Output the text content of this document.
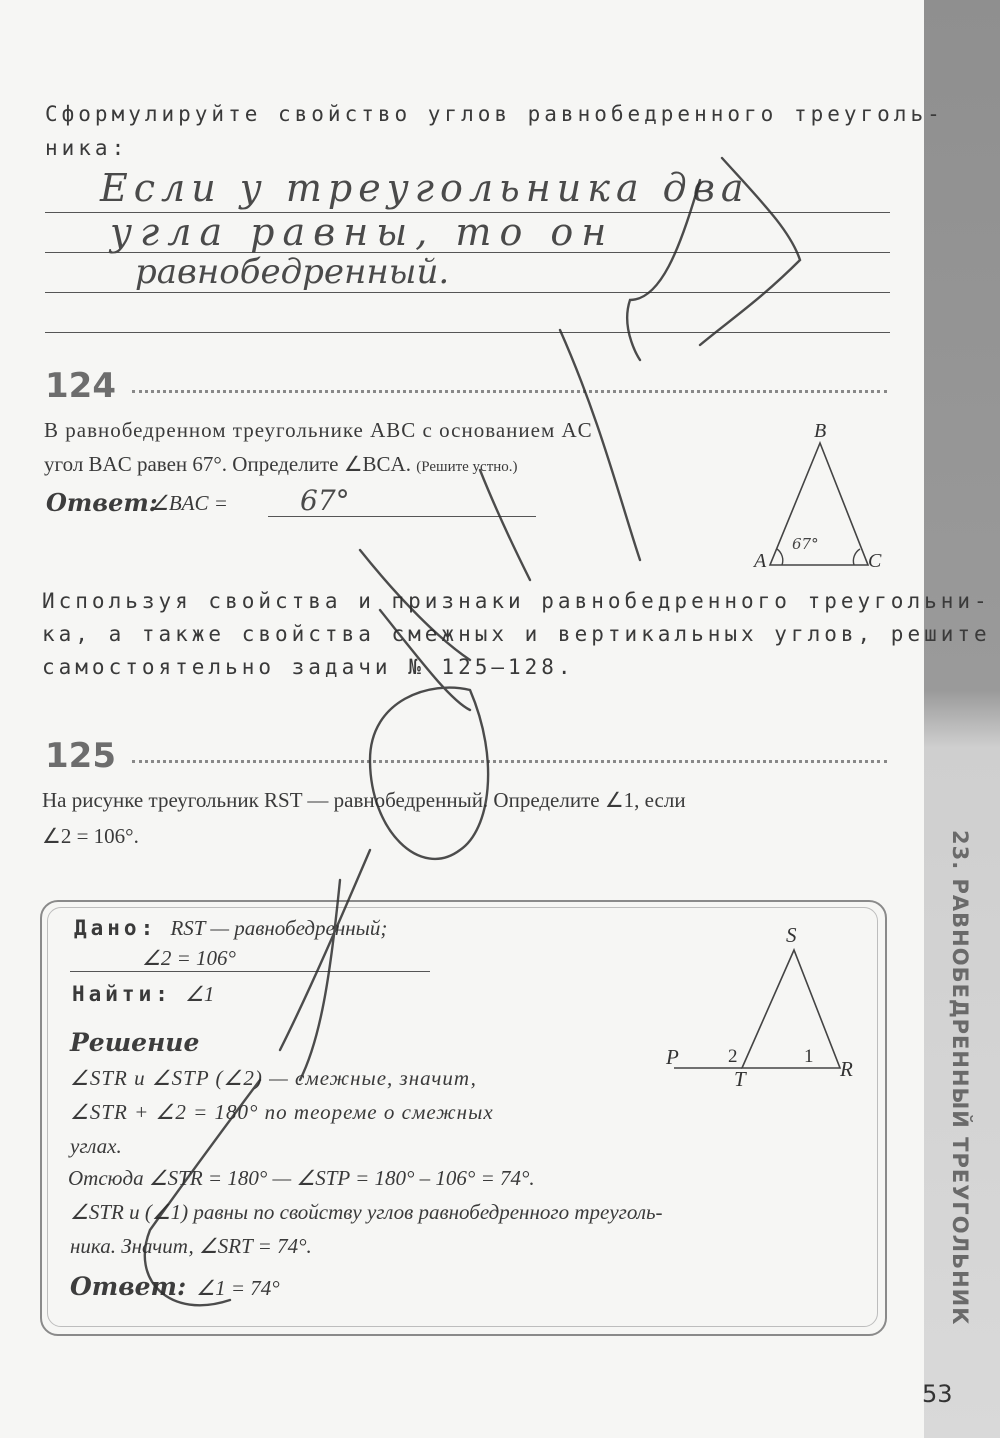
23. РАВНОБЕДРЕННЫЙ ТРЕУГОЛЬНИК
53
Сформулируйте свойство углов равнобедренного треуголь-
ника:
Если у треугольника два
угла равны, то он
равнобедренный.
124
В равнобедренном треугольнике ABC с основанием AC
угол BAC равен 67°. Определите ∠BCA. (Решите устно.)
Ответ:
∠BAC =	67°
B
A	C
67°
Используя свойства и признаки равнобедренного треугольни-
ка, а также свойства смежных и вертикальных углов, решите
самостоятельно задачи № 125–128.
125
На рисунке треугольник RST — равнобедренный. Определите ∠1, если
∠2 = 106°.
Дано: RST — равнобедренный;
∠2 = 106°
Найти: ∠1
Решение
∠STR и ∠STP (∠2) — смежные, значит,
∠STR + ∠2 = 180° по теореме о смежных
углах.
Отсюда ∠STR = 180° — ∠STP = 180° – 106° = 74°.
∠STR и (∠1) равны по свойству углов равнобедренного треуголь-
ника. Значит, ∠SRT = 74°.
Ответ: ∠1 = 74°
S
P
T	R
1
2
